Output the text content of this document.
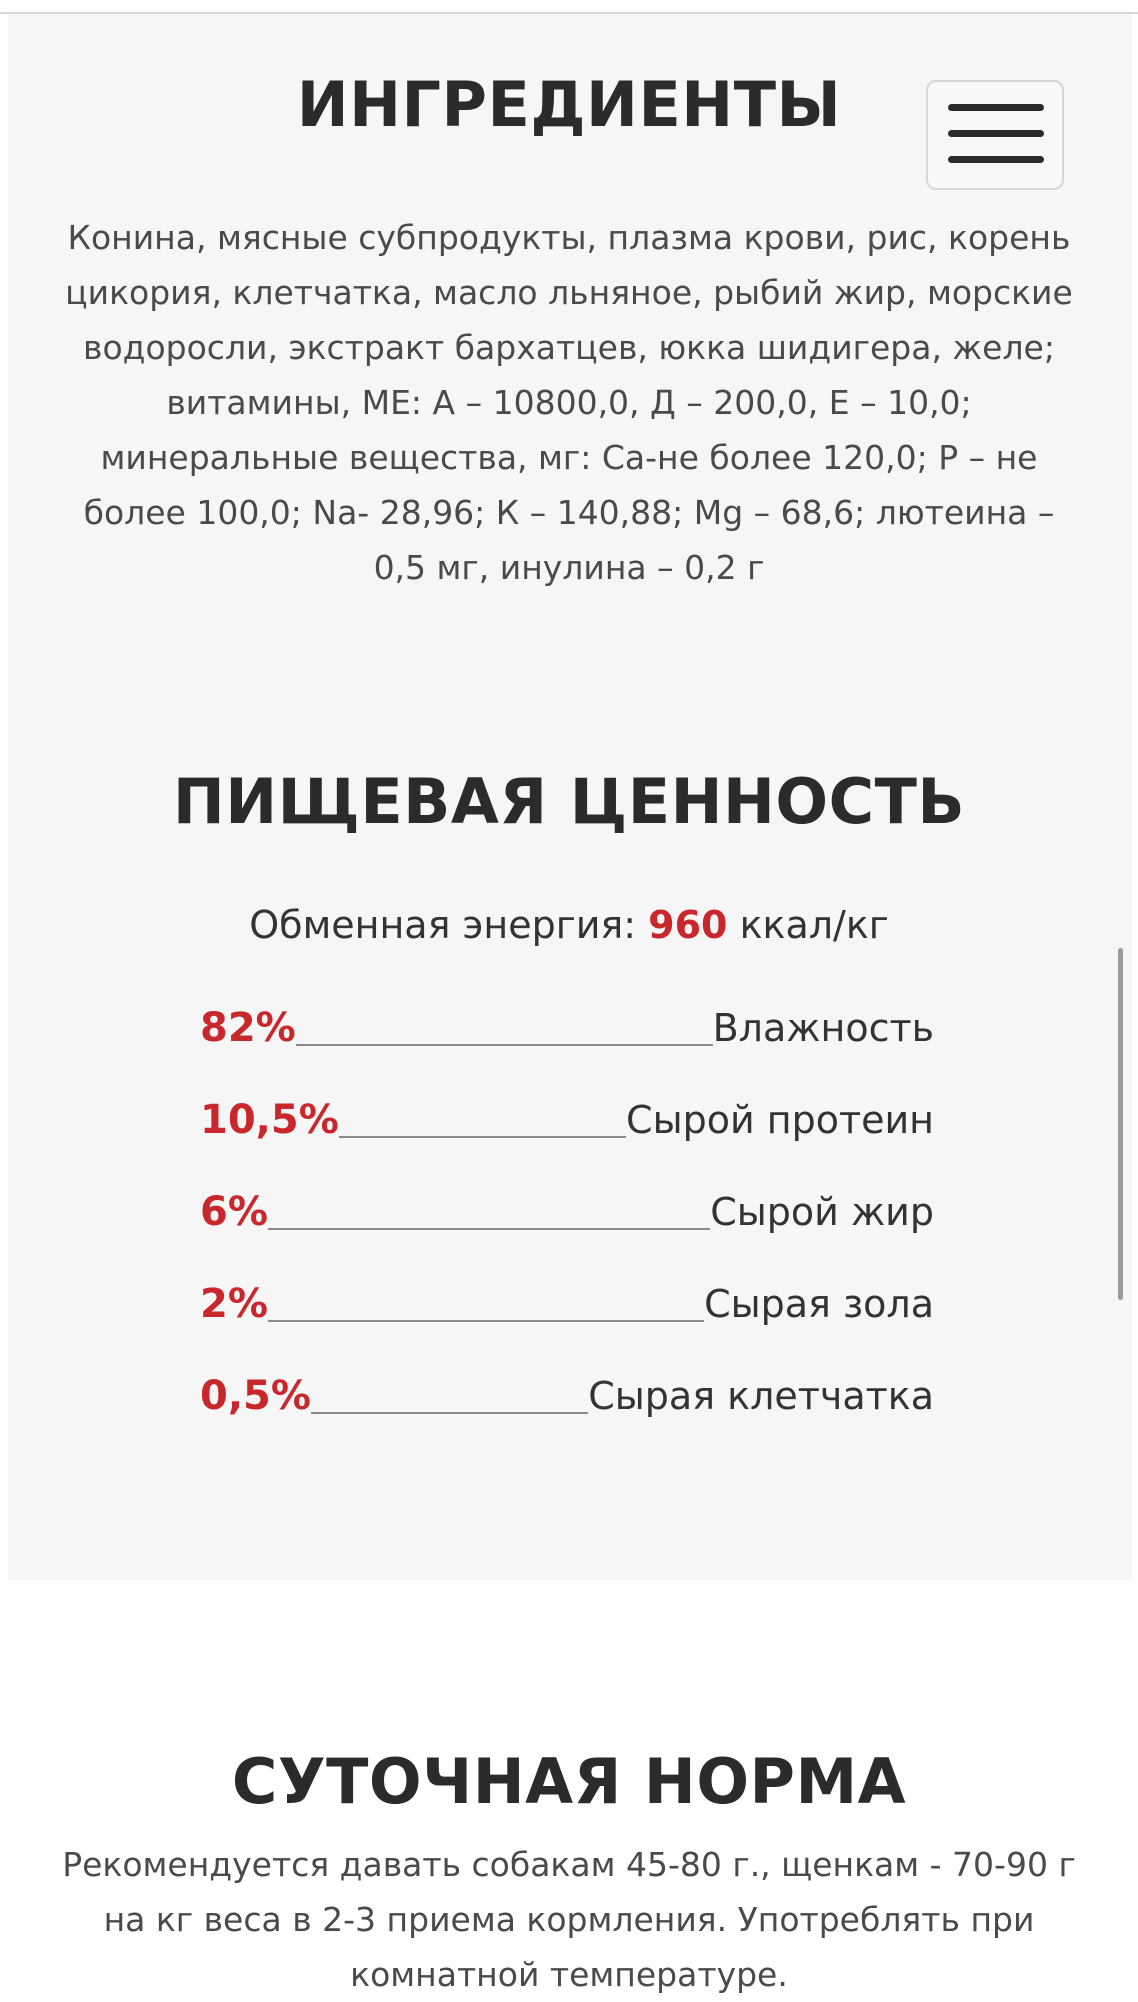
ИНГРЕДИЕНТЫ
Конина, мясные субпродукты, плазма крови, рис, корень
цикория, клетчатка, масло льняное, рыбий жир, морские
водоросли, экстракт бархатцев, юкка шидигера, желе;
витамины, МЕ: А – 10800,0, Д – 200,0, Е – 10,0;
минеральные вещества, мг: Са-не более 120,0; Р – не
более 100,0; Na- 28,96; К – 140,88; Mg – 68,6; лютеина –
0,5 мг, инулина – 0,2 г
ПИЩЕВАЯ ЦЕННОСТЬ
Обменная энергия: 960 ккал/кг
82%	Влажность
10,5%	Сырой протеин
6%	Сырой жир
2%	Сырая зола
0,5%	Сырая клетчатка
СУТОЧНАЯ НОРМА
Рекомендуется давать собакам 45-80 г., щенкам - 70-90 г
на кг веса в 2-3 приема кормления. Употреблять при
комнатной температуре.
